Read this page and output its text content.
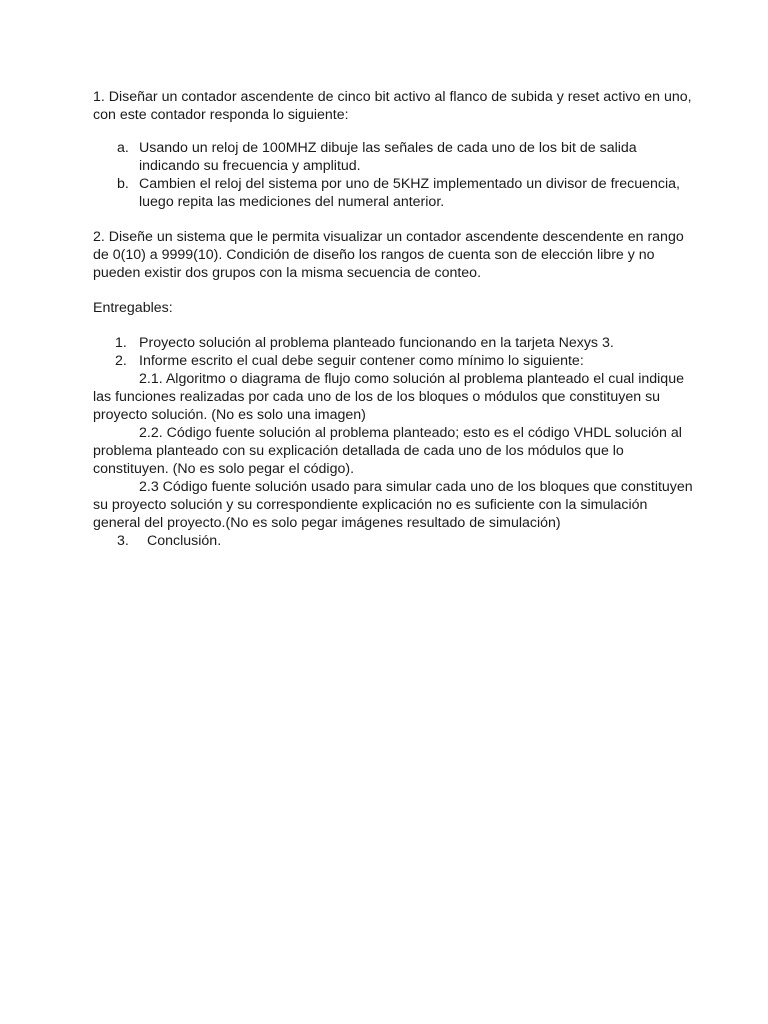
1. Diseñar un contador ascendente de cinco bit activo al flanco de subida y reset activo en uno, con este contador responda lo siguiente:

a. Usando un reloj de 100MHZ dibuje las señales de cada uno de los bit de salida indicando su frecuencia y amplitud.

b. Cambien el reloj del sistema por uno de 5KHZ implementado un divisor de frecuencia, luego repita las mediciones del numeral anterior.

2. Diseñe un sistema que le permita visualizar un contador ascendente descendente en rango de 0(10) a 9999(10). Condición de diseño los rangos de cuenta son de elección libre y no pueden existir dos grupos con la misma secuencia de conteo.

Entregables:

1. Proyecto solución al problema planteado funcionando en la tarjeta Nexys 3.

2. Informe escrito el cual debe seguir contener como mínimo lo siguiente:

2.1. Algoritmo o diagrama de flujo como solución al problema planteado el cual indique las funciones realizadas por cada uno de los de los bloques o módulos que constituyen su proyecto solución. (No es solo una imagen)

2.2. Código fuente solución al problema planteado; esto es el código VHDL solución al problema planteado con su explicación detallada de cada uno de los módulos que lo constituyen. (No es solo pegar el código).

2.3 Código fuente solución usado para simular cada uno de los bloques que constituyen su proyecto solución y su correspondiente explicación no es suficiente con la simulación general del proyecto.(No es solo pegar imágenes resultado de simulación)

3.	Conclusión.
